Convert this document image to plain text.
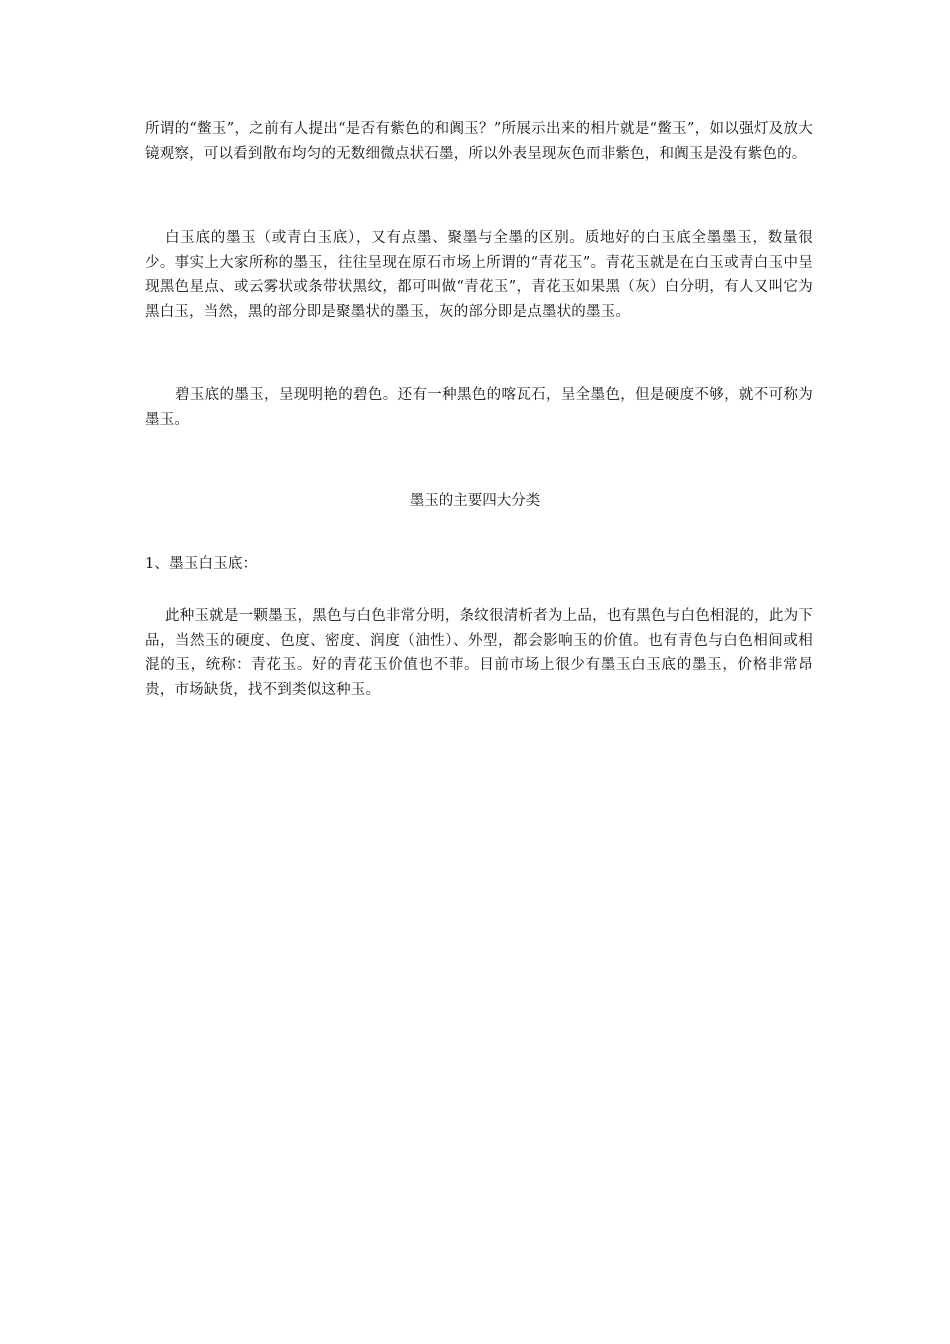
所谓的“鳖玉”，之前有人提出“是否有紫色的和阗玉？”所展示出来的相片就是“鳖玉”，如以强灯及放大镜观察，可以看到散布均匀的无数细微点状石墨，所以外表呈现灰色而非紫色，和阗玉是没有紫色的。

白玉底的墨玉（或青白玉底），又有点墨、聚墨与全墨的区别。质地好的白玉底全墨墨玉，数量很少。事实上大家所称的墨玉，往往呈现在原石市场上所谓的“青花玉”。青花玉就是在白玉或青白玉中呈现黑色星点、或云雾状或条带状黑纹，都可叫做“青花玉”，青花玉如果黑（灰）白分明，有人又叫它为黑白玉，当然，黑的部分即是聚墨状的墨玉，灰的部分即是点墨状的墨玉。

碧玉底的墨玉，呈现明艳的碧色。还有一种黑色的喀瓦石，呈全墨色，但是硬度不够，就不可称为墨玉。

墨玉的主要四大分类

1、墨玉白玉底：

此种玉就是一颗墨玉，黑色与白色非常分明，条纹很清析者为上品，也有黑色与白色相混的，此为下品，当然玉的硬度、色度、密度、润度（油性）、外型，都会影响玉的价值。也有青色与白色相间或相混的玉，统称：青花玉。好的青花玉价值也不菲。目前市场上很少有墨玉白玉底的墨玉，价格非常昂贵，市场缺货，找不到类似这种玉。
